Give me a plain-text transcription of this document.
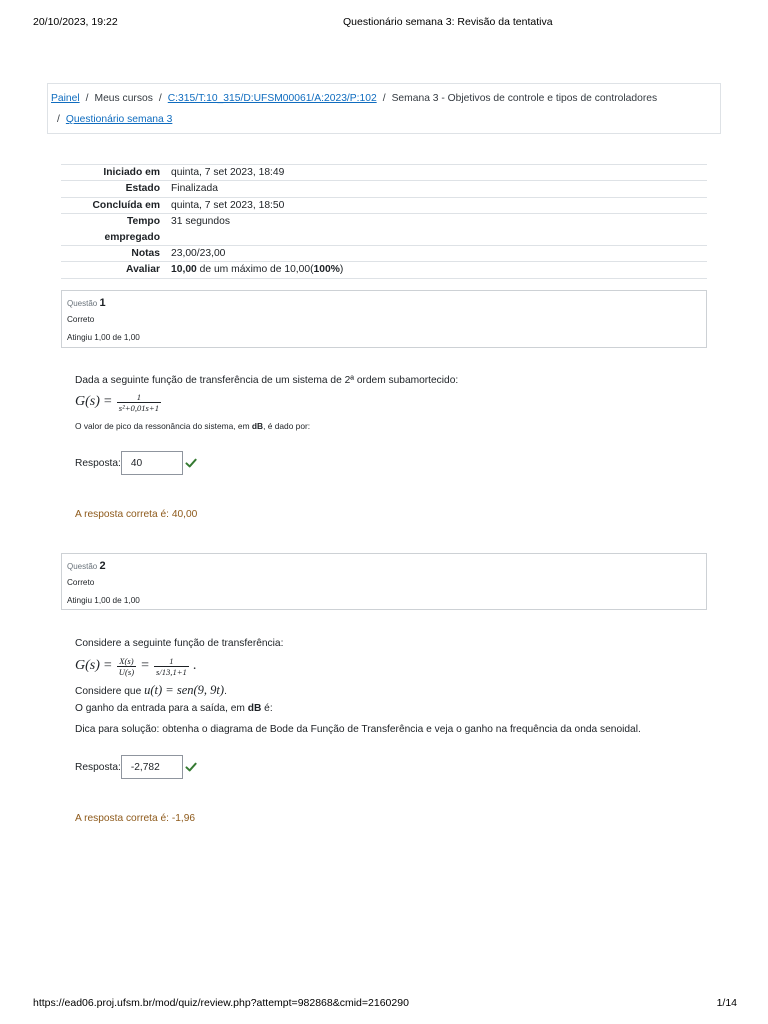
20/10/2023, 19:22	Questionário semana 3: Revisão da tentativa
Painel / Meus cursos / C:315/T:10_315/D:UFSM00061/A:2023/P:102 / Semana 3 - Objetivos de controle e tipos de controladores
/ Questionário semana 3
Iniciado em	quinta, 7 set 2023, 18:49
Estado	Finalizada
Concluída em	quinta, 7 set 2023, 18:50
Tempo empregado	31 segundos
Notas	23,00/23,00
Avaliar	10,00 de um máximo de 10,00(100%)
Questão 1
Correto
Atingiu 1,00 de 1,00
Dada a seguinte função de transferência de um sistema de 2ª ordem subamortecido:
$G(s) = \frac{1}{\text{s²+0,01s+1}}$
O valor de pico da ressonância do sistema, em dB, é dado por:
Resposta:
40
A resposta correta é: 40,00
Questão 2
Correto
Atingiu 1,00 de 1,00
Considere a seguinte função de transferência:
$G(s) = \frac{X(s)}{U(s)} = \frac{1}{s/13,1+1}$ .
Considere que u(t) = sen(9, 9t).
O ganho da entrada para a saída, em dB é:
Dica para solução: obtenha o diagrama de Bode da Função de Transferência e veja o ganho na frequência da onda senoidal.
Resposta:
-2,782
A resposta correta é: -1,96
https://ead06.proj.ufsm.br/mod/quiz/review.php?attempt=982868&cmid=2160290	1/14
